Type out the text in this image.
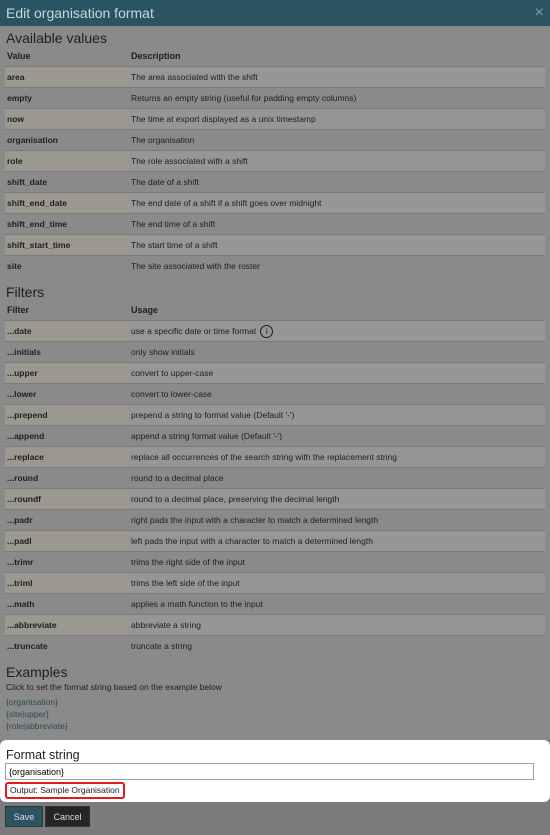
Edit organisation format	×
Available values
Value	Description
area	The area associated with the shift
empty	Returns an empty string (useful for padding empty columns)
now	The time at export displayed as a unix timestamp
organisation	The organisation
role	The role associated with a shift
shift_date	The date of a shift
shift_end_date	The end date of a shift if a shift goes over midnight
shift_end_time	The end time of a shift
shift_start_time	The start time of a shift
site	The site associated with the roster
Filters
Filter	Usage
...date	use a specific date or time format i
...initials	only show initials
...upper	convert to upper-case
...lower	convert to lower-case
...prepend	prepend a string to format value (Default '-')
...append	append a string format value (Default '-')
...replace	replace all occurrences of the search string with the replacement string
...round	round to a decimal place
...roundf	round to a decimal place, preserving the decimal length
...padr	right pads the input with a character to match a determined length
...padl	left pads the input with a character to match a determined length
...trimr	trims the right side of the input
...triml	trims the left side of the input
...math	applies a math function to the input
...abbreviate	abbreviate a string
...truncate	truncate a string
Examples
Click to set the format string based on the example below
{organisation}
{site|upper}
{role|abbreviate}
Format string
{organisation}
Output: Sample Organisation
Save	Cancel
